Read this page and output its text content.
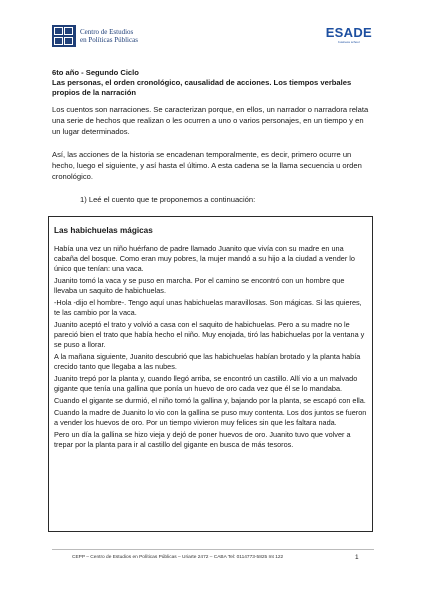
Centro de Estudios
en Políticas Públicas	ESADE
business school
6to año - Segundo Ciclo
Las personas, el orden cronológico, causalidad de acciones. Los tiempos verbales
propios de la narración

Los cuentos son narraciones. Se caracterizan porque, en ellos, un narrador o narradora relata una serie de hechos que realizan o les ocurren a uno o varios personajes, en un tiempo y en un lugar determinados.

Así, las acciones de la historia se encadenan temporalmente, es decir, primero ocurre un hecho, luego el siguiente, y así hasta el último. A esta cadena se la llama secuencia u orden cronológico.

1) Leé el cuento que te proponemos a continuación:

Las habichuelas mágicas

Había una vez un niño huérfano de padre llamado Juanito que vivía con su madre en una cabaña del bosque. Como eran muy pobres, la mujer mandó a su hijo a la ciudad a vender lo único que tenían: una vaca.

Juanito tomó la vaca y se puso en marcha. Por el camino se encontró con un hombre que llevaba un saquito de habichuelas.

-Hola -dijo el hombre-. Tengo aquí unas habichuelas maravillosas. Son mágicas. Si las quieres, te las cambio por la vaca.

Juanito aceptó el trato y volvió a casa con el saquito de habichuelas. Pero a su madre no le pareció bien el trato que había hecho el niño. Muy enojada, tiró las habichuelas por la ventana y se puso a llorar.

A la mañana siguiente, Juanito descubrió que las habichuelas habían brotado y la planta había crecido tanto que llegaba a las nubes.

Juanito trepó por la planta y, cuando llegó arriba, se encontró un castillo. Allí vio a un malvado gigante que tenía una gallina que ponía un huevo de oro cada vez que él se lo mandaba.

Cuando el gigante se durmió, el niño tomó la gallina y, bajando por la planta, se escapó con ella.

Cuando la madre de Juanito lo vio con la gallina se puso muy contenta. Los dos juntos se fueron a vender los huevos de oro. Por un tiempo vivieron muy felices sin que les faltara nada.

Pero un día la gallina se hizo vieja y dejó de poner huevos de oro. Juanito tuvo que volver a trepar por la planta para ir al castillo del gigante en busca de más tesoros.

CEPP – Centro de Estudios en Políticas Públicas – Uriarte 2472 – CABA Tel: 0114773-5825 Int 122	1
